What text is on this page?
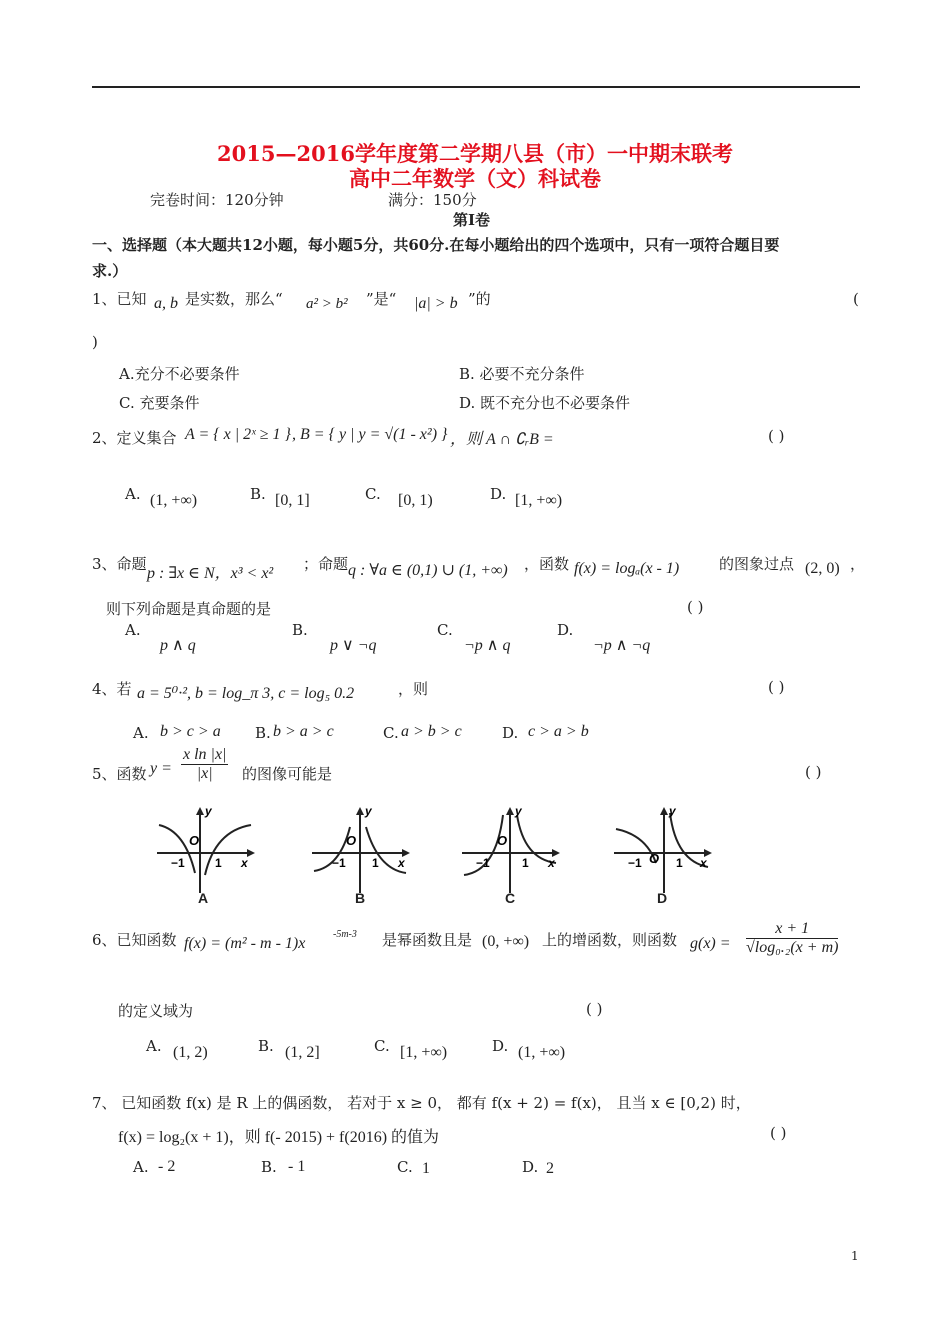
2015—2016学年度第二学期八县（市）一中期末联考
高中二年数学（文）科试卷
完卷时间：120分钟	满分：150分
第Ⅰ卷
一、选择题（本大题共12小题，每小题5分，共60分.在每小题给出的四个选项中，只有一项符合题目要
求.）
1、已知 a, b 是实数，那么“ a² > b² ”是“ |a| > b ”的	(
)
A.充分不必要条件	B. 必要不充分条件
C. 充要条件	D. 既不充分也不必要条件
2、定义集合 A = { x | 2ˣ ≥ 1 } , B = { y | y = √(1 - x²) } ，则 A ∩ ∁ᵣB =	( )
A. (1, +∞)	B. [0, 1]	C. [0, 1)	D. [1, +∞)
3、命题
p : ∃x ∈ N，x³ < x²
；命题 q : ∀a ∈ (0,1) ∪ (1, +∞) ，函数 f(x) = logₐ(x - 1)	的图象过点 (2, 0) ，
则下列命题是真命题的是	( )
A.
p ∧ q
B.
p ∨ ¬q
C.
¬p ∧ q
D.
¬p ∧ ¬q
4、若 a = 5⁰·², b = log_π 3, c = log₅ 0.2	，则	( )
A. b > c > a B. b > a > c	C. a > b > c	D. c > a > b
5、函数 $y = \frac{\text{x ln |x|}}{|x|}$ 的图像可能是	( )
O
y
x
−1	1
A
O
y
x
−1 1
B
O
y
x
−1	1
C
O
y
x
−1	1
D
6、已知函数 f(x) = (m² - m - 1)x
-5m-3 是幂函数且是 (0, +∞) 上的增函数，则函数 $g(x) = \frac{x + 1}{\text{√log₀.₂(x + m)}}$
的定义域为	( )
A. (1, 2)	B. (1, 2]	C. [1, +∞)	D. (1, +∞)
7、 已知函数 f(x) 是 R 上的偶函数， 若对于 x ≥ 0， 都有 f(x + 2) = f(x)， 且当 x ∈ [0,2) 时，
f(x) = log₂(x + 1)，则 f(- 2015) + f(2016) 的值为	( )
A. - 2	B. - 1	C. 1	D. 2
1
